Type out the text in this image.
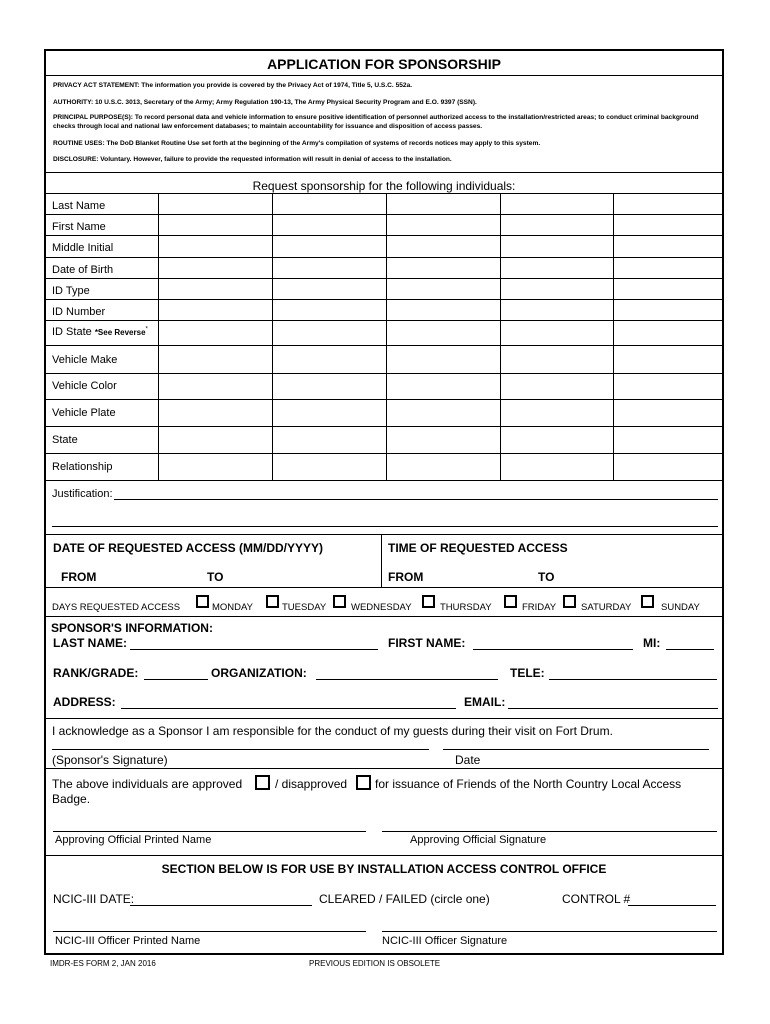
APPLICATION FOR SPONSORSHIP
PRIVACY ACT STATEMENT: The information you provide is covered by the Privacy Act of 1974, Title 5, U.S.C. 552a.
AUTHORITY: 10 U.S.C. 3013, Secretary of the Army; Army Regulation 190-13, The Army Physical Security Program and E.O. 9397 (SSN).
PRINCIPAL PURPOSE(S): To record personal data and vehicle information to ensure positive identification of personnel authorized access to the installation/restricted areas; to conduct criminal background checks through local and national law enforcement databases; to maintain accountability for issuance and disposition of access passes.
ROUTINE USES: The DoD Blanket Routine Use set forth at the beginning of the Army's compilation of systems of records notices may apply to this system.
DISCLOSURE: Voluntary. However, failure to provide the requested information will result in denial of access to the installation.
Request sponsorship for the following individuals:
Last Name
First Name
Middle Initial
Date of Birth
ID Type
ID Number
ID State *See Reverse*
Vehicle Make
Vehicle Color
Vehicle Plate
State
Relationship
Justification:
DATE OF REQUESTED ACCESS (MM/DD/YYYY)	TIME OF REQUESTED ACCESS
FROM	TO	FROM	TO
DAYS REQUESTED ACCESS	MONDAY	TUESDAY	WEDNESDAY	THURSDAY	FRIDAY	SATURDAY	SUNDAY
SPONSOR'S INFORMATION:
LAST NAME:	FIRST NAME:	MI:
RANK/GRADE:	ORGANIZATION:	TELE:
ADDRESS:	EMAIL:
I acknowledge as a Sponsor I am responsible for the conduct of my guests during their visit on Fort Drum.
(Sponsor's Signature)	Date
The above individuals are approved	/ disapproved for issuance of Friends of the North Country Local Access
Badge.
Approving Official Printed Name	Approving Official Signature
SECTION BELOW IS FOR USE BY INSTALLATION ACCESS CONTROL OFFICE
NCIC-III DATE:	CLEARED / FAILED (circle one)	CONTROL #
NCIC-III Officer Printed Name	NCIC-III Officer Signature
IMDR-ES FORM 2, JAN 2016	PREVIOUS EDITION IS OBSOLETE
